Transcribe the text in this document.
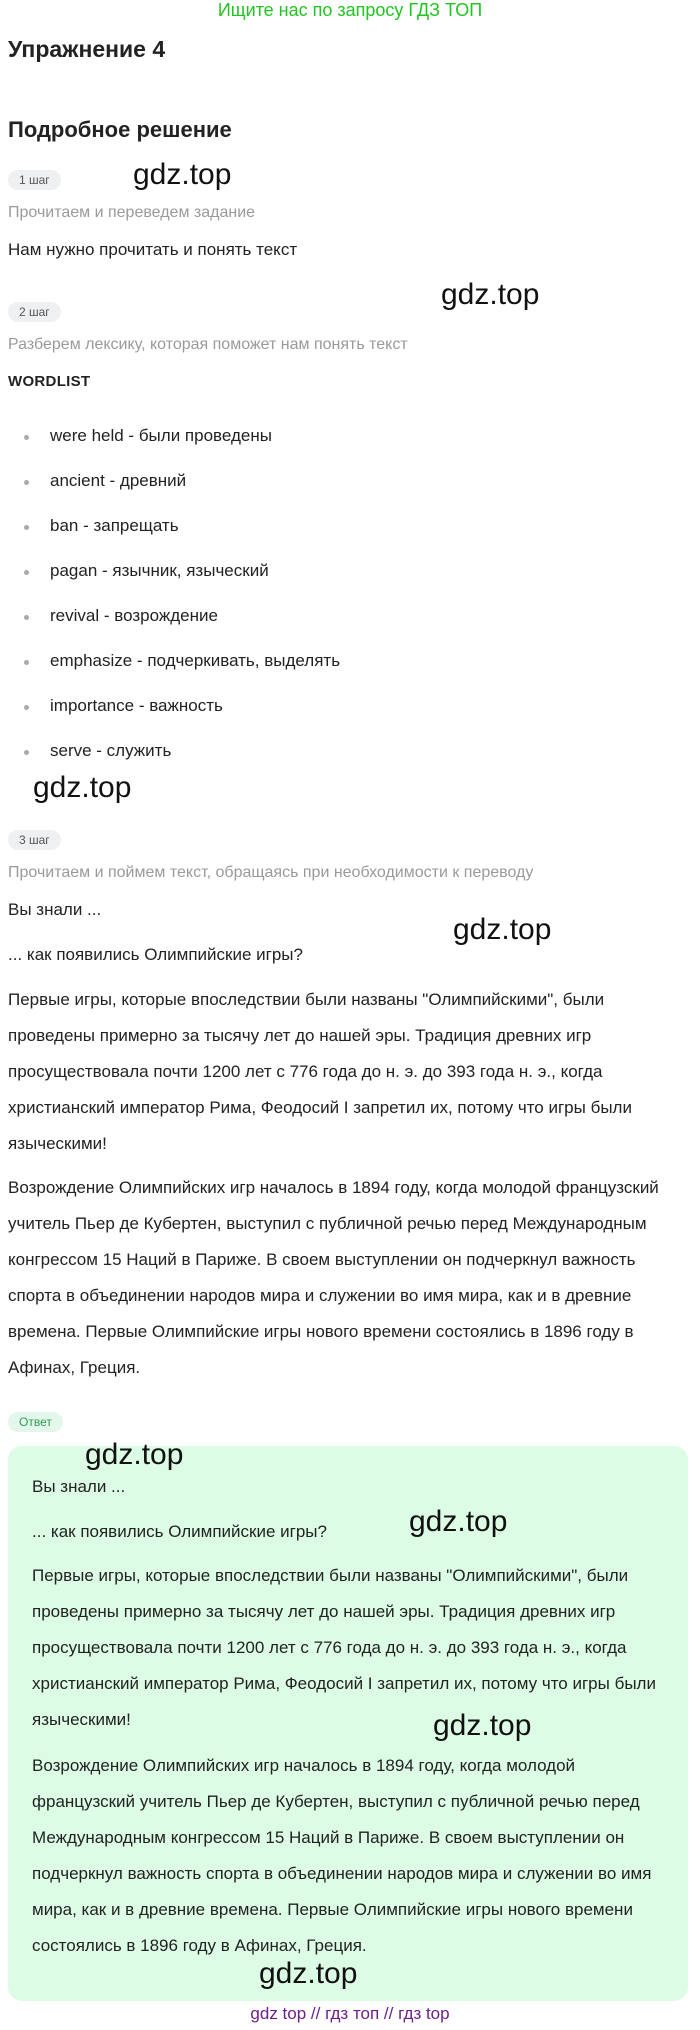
Ищите нас по запросу ГДЗ ТОП
Упражнение 4
Подробное решение
1 шаг	gdz.top
Прочитаем и переведем задание
Нам нужно прочитать и понять текст
2 шаг
gdz.top
Разберем лексику, которая поможет нам понять текст
WORDLIST
were held - были проведены
ancient - древний
ban - запрещать
pagan - язычник, языческий
revival - возрождение
emphasize - подчеркивать, выделять
importance - важность
serve - служить
gdz.top
3 шаг
Прочитаем и поймем текст, обращаясь при необходимости к переводу
Вы знали ...
gdz.top
... как появились Олимпийские игры?
Первые игры, которые впоследствии были названы "Олимпийскими", были проведены примерно за тысячу лет до нашей эры. Традиция древних игр просуществовала почти 1200 лет с 776 года до н. э. до 393 года н. э., когда христианский император Рима, Феодосий I запретил их, потому что игры были языческими!
Возрождение Олимпийских игр началось в 1894 году, когда молодой французский учитель Пьер де Кубертен, выступил с публичной речью перед Международным конгрессом 15 Наций в Париже. В своем выступлении он подчеркнул важность спорта в объединении народов мира и служении во имя мира, как и в древние времена. Первые Олимпийские игры нового времени состоялись в 1896 году в Афинах, Греция.
Ответ
gdz.top
Вы знали ...
gdz.top
... как появились Олимпийские игры?
Первые игры, которые впоследствии были названы "Олимпийскими", были проведены примерно за тысячу лет до нашей эры. Традиция древних игр просуществовала почти 1200 лет с 776 года до н. э. до 393 года н. э., когда христианский император Рима, Феодосий I запретил их, потому что игры были языческими!	gdz.top
Возрождение Олимпийских игр началось в 1894 году, когда молодой французский учитель Пьер де Кубертен, выступил с публичной речью перед Международным конгрессом 15 Наций в Париже. В своем выступлении он подчеркнул важность спорта в объединении народов мира и служении во имя мира, как и в древние времена. Первые Олимпийские игры нового времени состоялись в 1896 году в Афинах, Греция.
gdz.top
gdz top // гдз топ // гдз top
